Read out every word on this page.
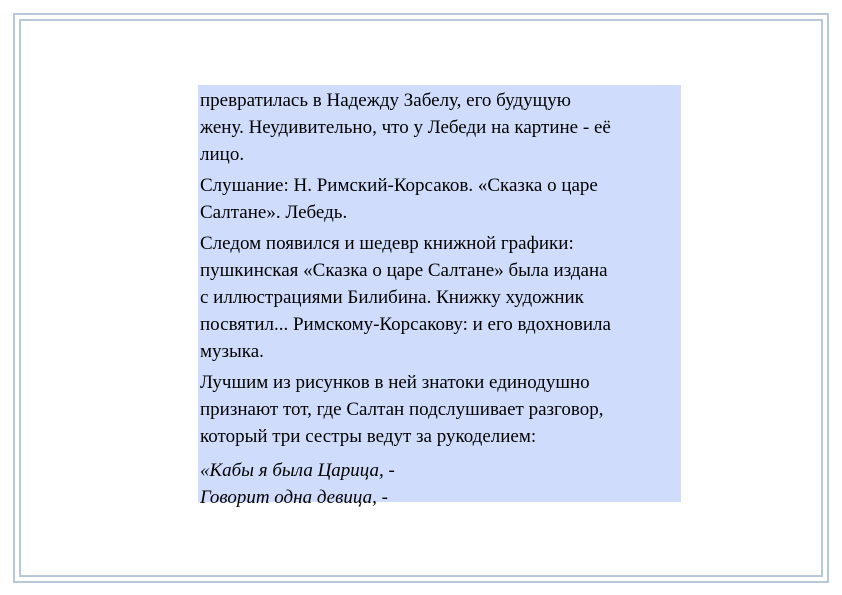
превратилась в Надежду Забелу, его будущую
жену. Неудивительно, что у Лебеди на картине - её
лицо.

Слушание: Н. Римский-Корсаков. «Сказка о царе
Салтане». Лебедь.

Следом появился и шедевр книжной графики:
пушкинская «Сказка о царе Салтане» была издана
с иллюстрациями Билибина. Книжку художник
посвятил... Римскому-Корсакову: и его вдохновила
музыка.

Лучшим из рисунков в ней знатоки единодушно
признают тот, где Салтан подслушивает разговор,
который три сестры ведут за рукоделием:

«Кабы я была Царица, -
Говорит одна девица, -
